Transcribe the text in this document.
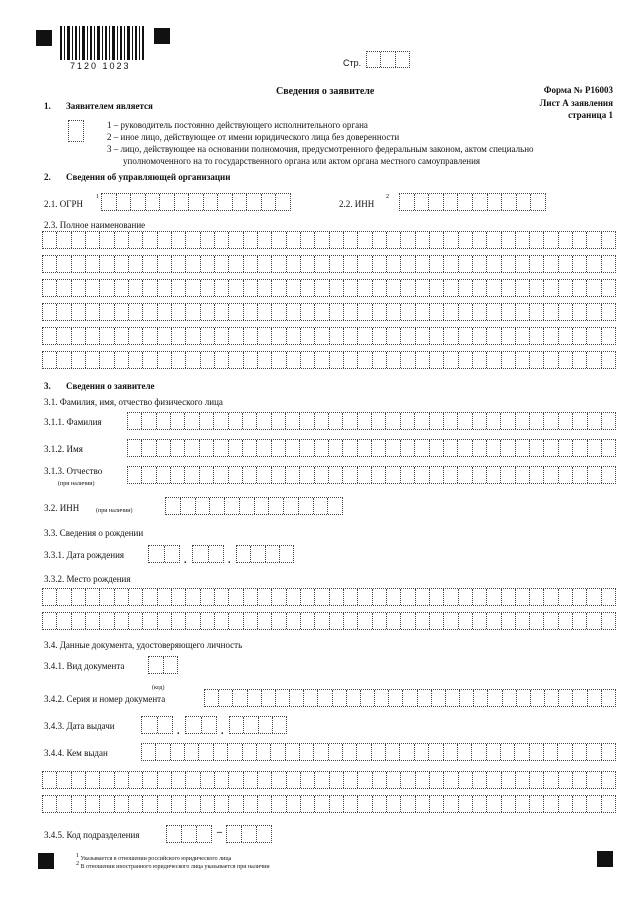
7120 1023	Стр.
Сведения о заявителе	Форма № Р16003
Лист А заявления
страница 1
1. Заявителем является
1 – руководитель постоянно действующего исполнительного органа
2 – иное лицо, действующее от имени юридического лица без доверенности
3 – лицо, действующее на основании полномочия, предусмотренного федеральным законом, актом специально
уполномоченного на то государственного органа или актом органа местного самоуправления
2. Сведения об управляющей организации
2.1. ОГРН
1
2.2. ИНН
2
2.3. Полное наименование
3. Сведения о заявителе
3.1. Фамилия, имя, отчество физического лица
3.1.1. Фамилия
3.1.2. Имя
3.1.3. Отчество
(при наличии)
3.2. ИНН	(при наличии)
3.3. Сведения о рождении
3.3.1. Дата рождения	.	.
3.3.2. Место рождения
3.4. Данные документа, удостоверяющего личность
3.4.1. Вид документа
(код)
3.4.2. Серия и номер документа
3.4.3. Дата выдачи	.	.
3.4.4. Кем выдан
3.4.5. Код подразделения	–
$^1$ Указывается в отношении российского юридического лица
$^2$ В отношении иностранного юридического лица указывается при наличии
